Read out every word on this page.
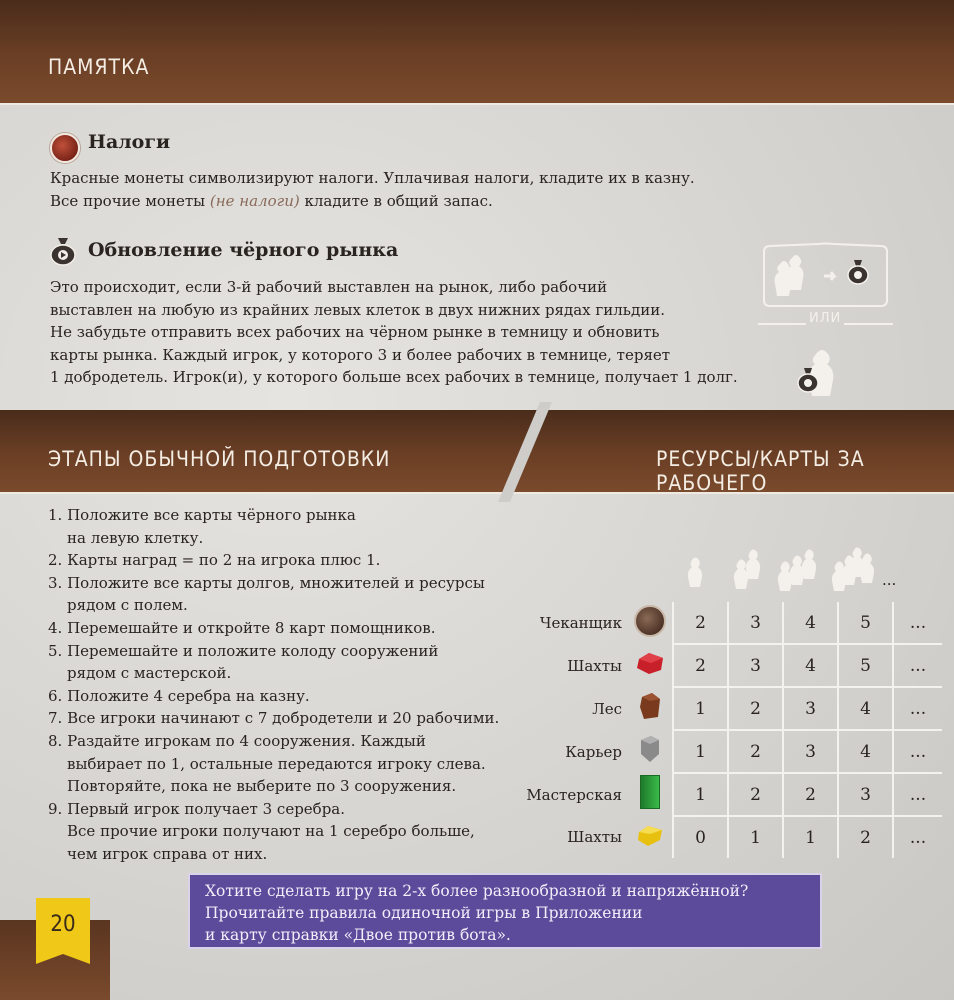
ПАМЯТКА
Налоги
Красные монеты символизируют налоги. Уплачивая налоги, кладите их в казну.
Все прочие монеты (не налоги) кладите в общий запас.
Обновление чёрного рынка
Это происходит, если 3-й рабочий выставлен на рынок, либо рабочий
выставлен на любую из крайних левых клеток в двух нижних рядах гильдии.
Не забудьте отправить всех рабочих на чёрном рынке в темницу и обновить
карты рынка. Каждый игрок, у которого 3 и более рабочих в темнице, теряет
1 добродетель. Игрок(и), у которого больше всех рабочих в темнице, получает 1 долг.
ИЛИ
ЭТАПЫ ОБЫЧНОЙ ПОДГОТОВКИ	РЕСУРСЫ/КАРТЫ ЗА РАБОЧЕГО
1. Положите все карты чёрного рынка
на левую клетку.
2. Карты наград = по 2 на игрока плюс 1.
3. Положите все карты долгов, множителей и ресурсы
рядом с полем.
4. Перемешайте и откройте 8 карт помощников.
5. Перемешайте и положите колоду сооружений
рядом с мастерской.
6. Положите 4 серебра на казну.
7. Все игроки начинают с 7 добродетели и 20 рабочими.
8. Раздайте игрокам по 4 сооружения. Каждый
выбирает по 1, остальные передаются игроку слева.
Повторяйте, пока не выберите по 3 сооружения.
9. Первый игрок получает 3 серебра.
Все прочие игроки получают на 1 серебро больше,
чем игрок справа от них.
...
Чеканщик		2	3	4	5	...
Шахты		2	3	4	5	...
Лес		1	2	3	4	...
Карьер		1	2	3	4	...
Мастерская		1	2	2	3	...
Шахты		0	1	1	2	...
20
Хотите сделать игру на 2-х более разнообразной и напряжённой?
Прочитайте правила одиночной игры в Приложении
и карту справки «Двое против бота».
